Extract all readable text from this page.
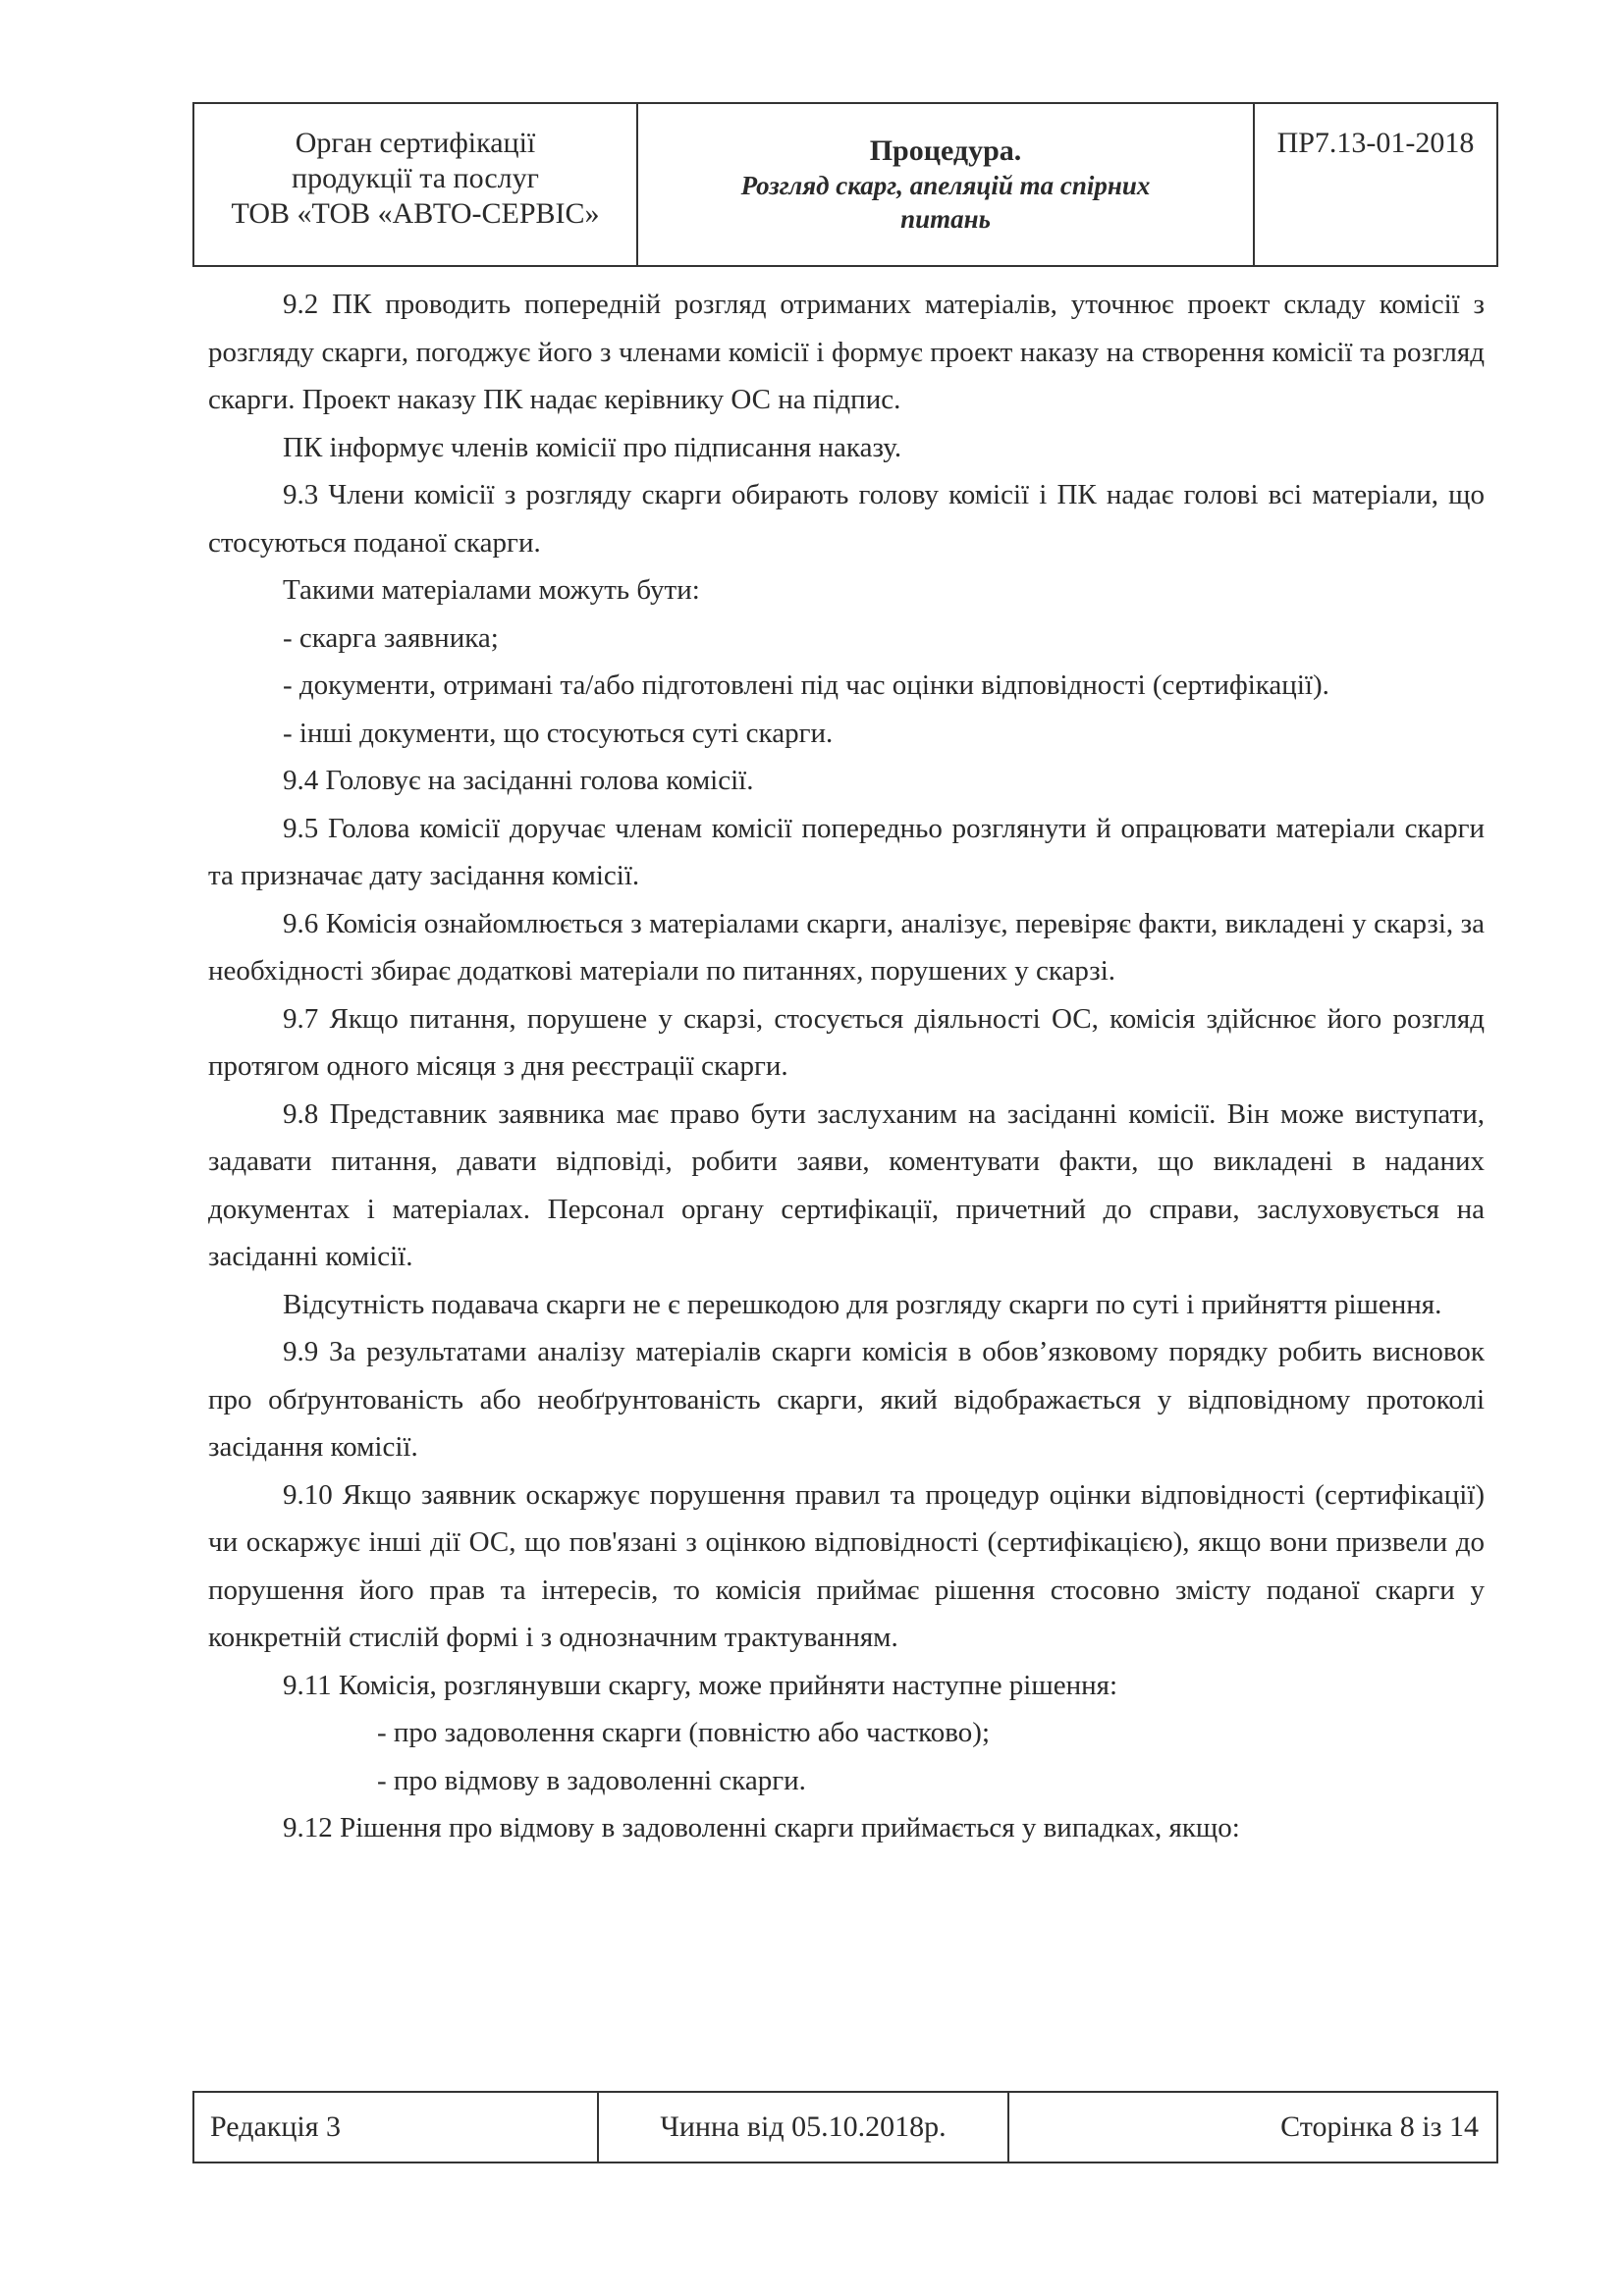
Орган сертифікації
продукції та послуг
ТОВ «ТОВ «АВТО-СЕРВІС»
Процедура.
Розгляд скарг, апеляцій та спірних
питань
ПР7.13-01-2018

9.2 ПК проводить попередній розгляд отриманих матеріалів, уточнює проект складу комісії з розгляду скарги, погоджує його з членами комісії і формує проект наказу на створення комісії та розгляд скарги. Проект наказу ПК надає керівнику ОС на підпис.

ПК інформує членів комісії про підписання наказу.

9.3 Члени комісії з розгляду скарги обирають голову комісії і ПК надає голові всі матеріали, що стосуються поданої скарги.

Такими матеріалами можуть бути:

- скарга заявника;

- документи, отримані та/або підготовлені під час оцінки відповідності (сертифікації).

- інші документи, що стосуються суті скарги.

9.4 Головує на засіданні голова комісії.

9.5 Голова комісії доручає членам комісії попередньо розглянути й опрацювати матеріали скарги та призначає дату засідання комісії.

9.6 Комісія ознайомлюється з матеріалами скарги, аналізує, перевіряє факти, викладені у скарзі, за необхідності збирає додаткові матеріали по питаннях, порушених у скарзі.

9.7 Якщо питання, порушене у скарзі, стосується діяльності ОС, комісія здійснює його розгляд протягом одного місяця з дня реєстрації скарги.

9.8 Представник заявника має право бути заслуханим на засіданні комісії. Він може виступати, задавати питання, давати відповіді, робити заяви, коментувати факти, що викладені в наданих документах і матеріалах. Персонал органу сертифікації, причетний до справи, заслуховується на засіданні комісії.

Відсутність подавача скарги не є перешкодою для розгляду скарги по суті і прийняття рішення.

9.9 За результатами аналізу матеріалів скарги комісія в обов’язковому порядку робить висновок про обґрунтованість або необґрунтованість скарги, який відображається у відповідному протоколі засідання комісії.

9.10 Якщо заявник оскаржує порушення правил та процедур оцінки відповідності (сертифікації) чи оскаржує інші дії ОС, що пов'язані з оцінкою відповідності (сертифікацією), якщо вони призвели до порушення його прав та інтересів, то комісія приймає рішення стосовно змісту поданої скарги у конкретній стислій формі і з однозначним трактуванням.

9.11 Комісія, розглянувши скаргу, може прийняти наступне рішення:

- про задоволення скарги (повністю або частково);

- про відмову в задоволенні скарги.

9.12 Рішення про відмову в задоволенні скарги приймається у випадках, якщо:

Редакція 3	Чинна від 05.10.2018р.	Сторінка 8 із 14
